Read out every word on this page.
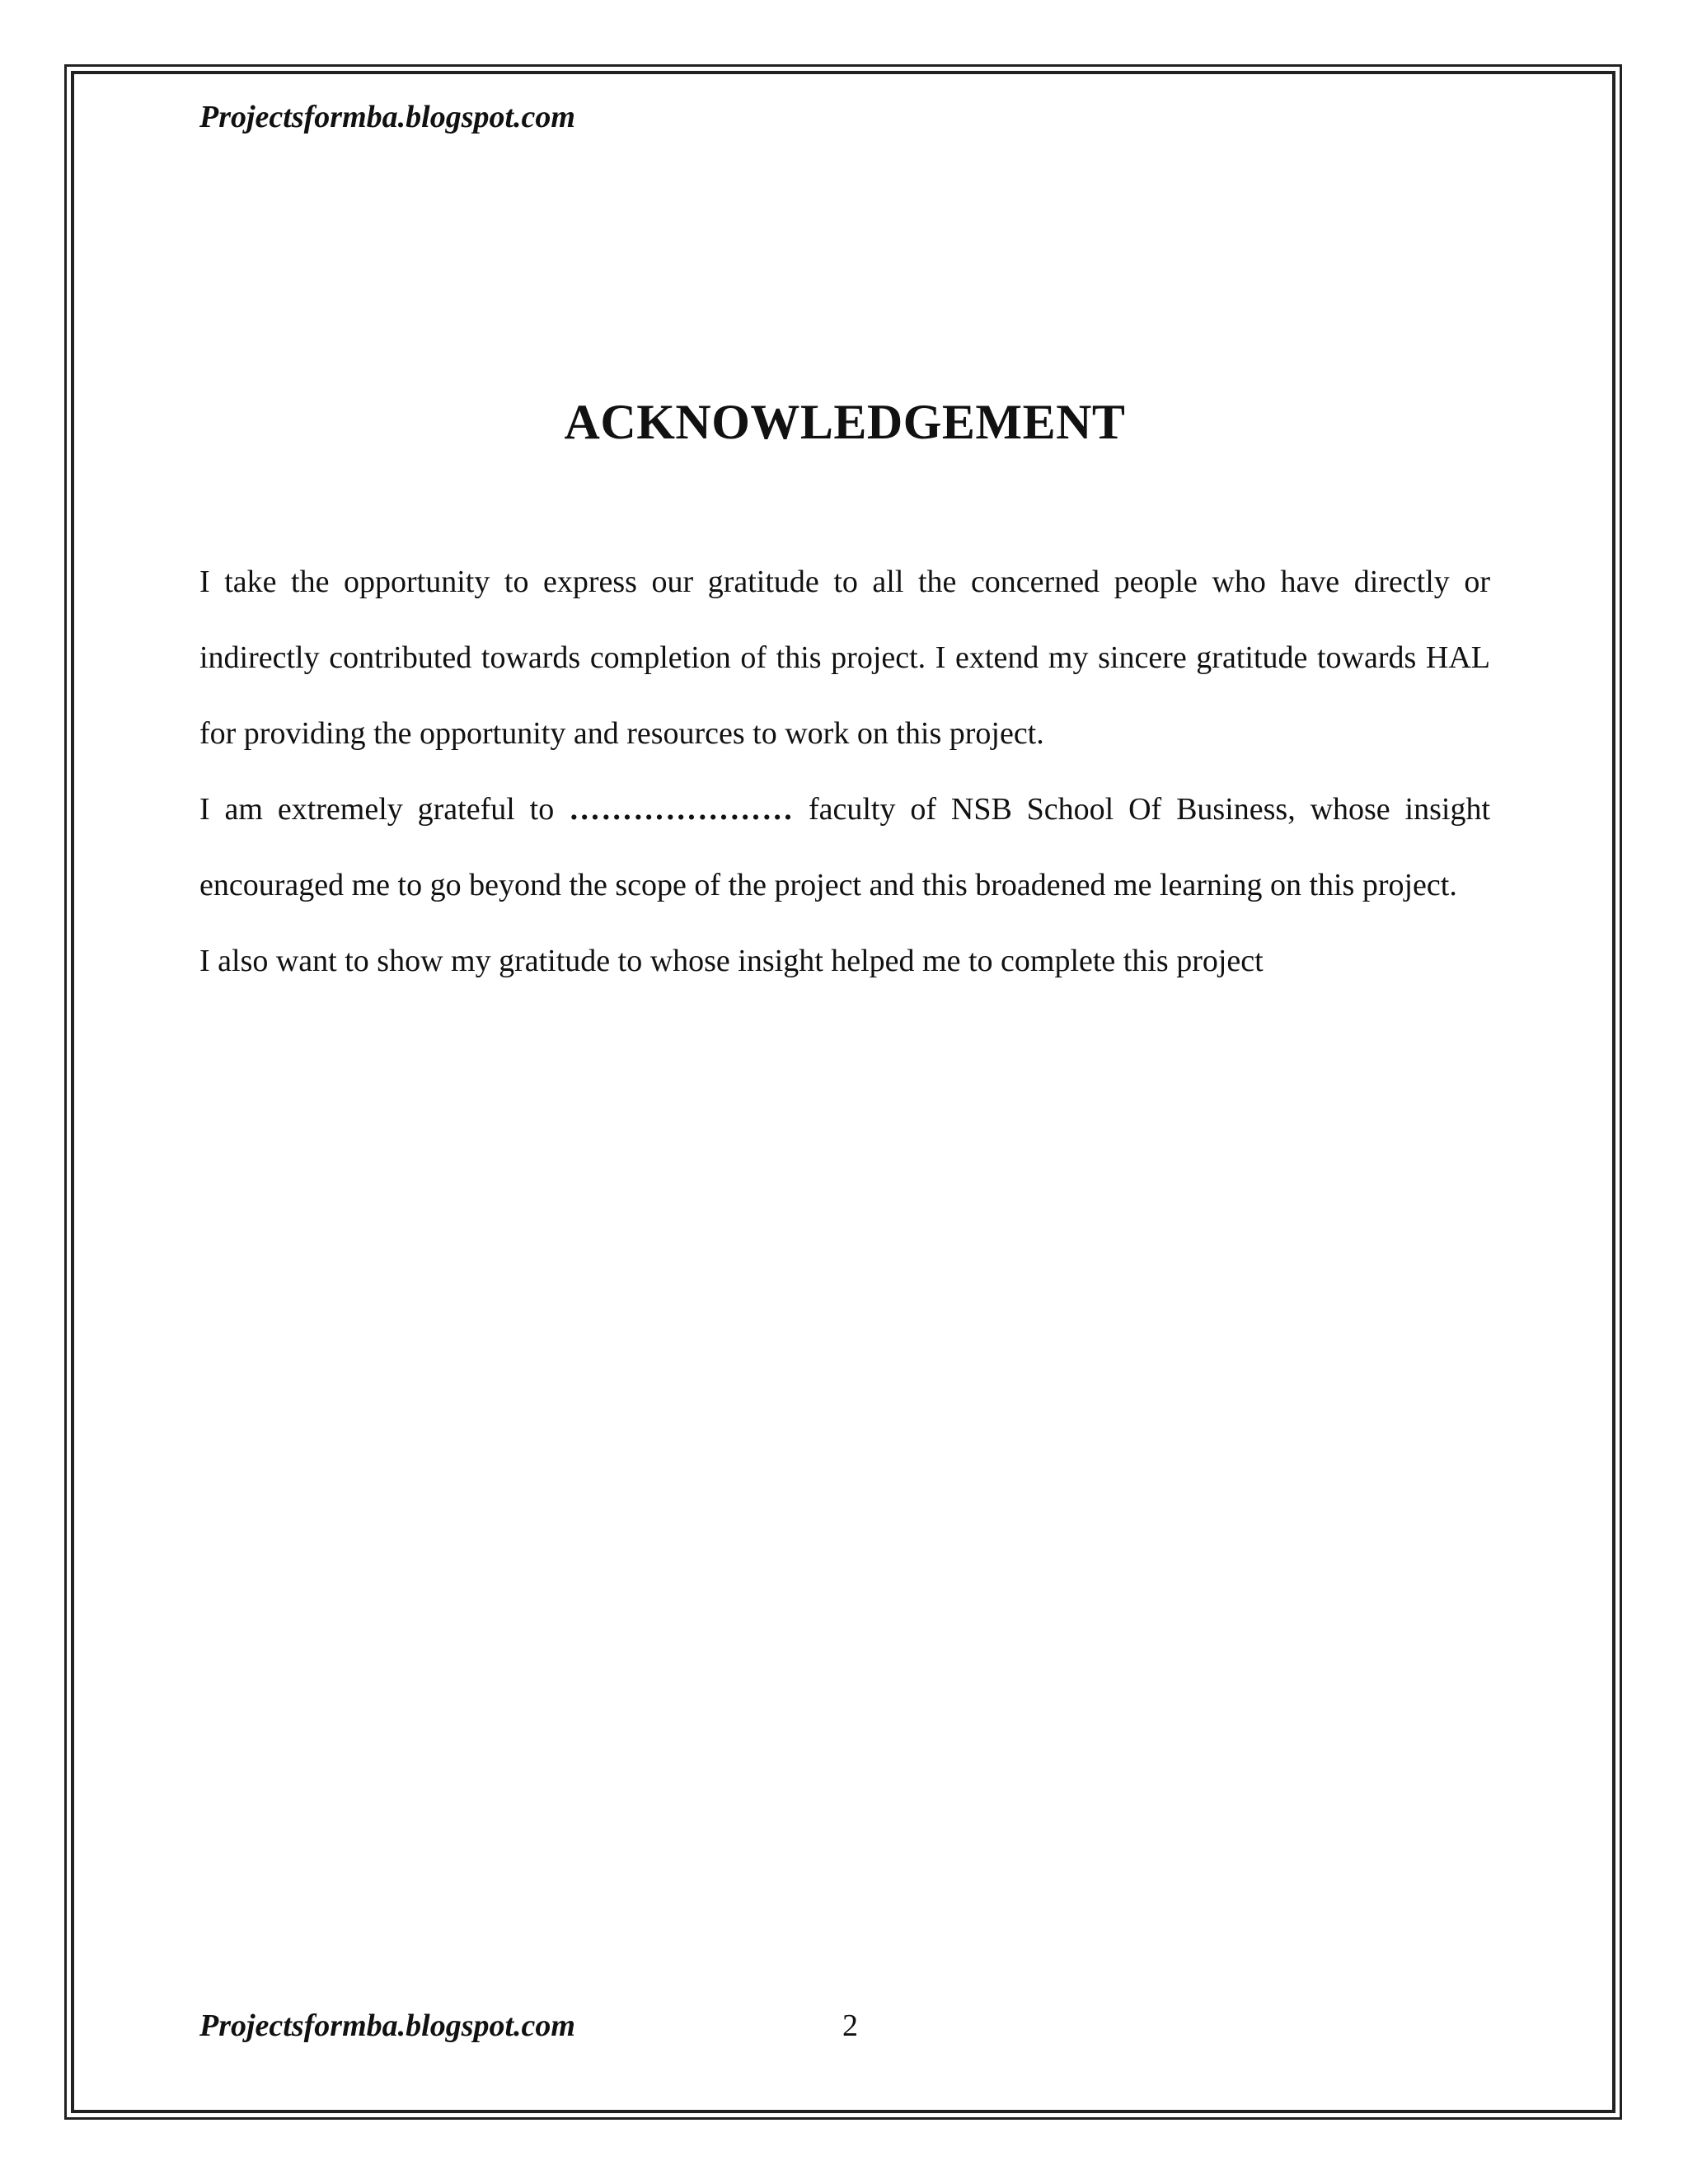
Projectsformba.blogspot.com
ACKNOWLEDGEMENT

I take the opportunity to express our gratitude to all the concerned people who have directly or indirectly contributed towards completion of this project. I extend my sincere gratitude towards HAL for providing the opportunity and resources to work on this project.

I am extremely grateful to ………………… faculty of NSB School Of Business, whose insight encouraged me to go beyond the scope of the project and this broadened me learning on this project.

I also want to show my gratitude to whose insight helped me to complete this project

Projectsformba.blogspot.com	2
